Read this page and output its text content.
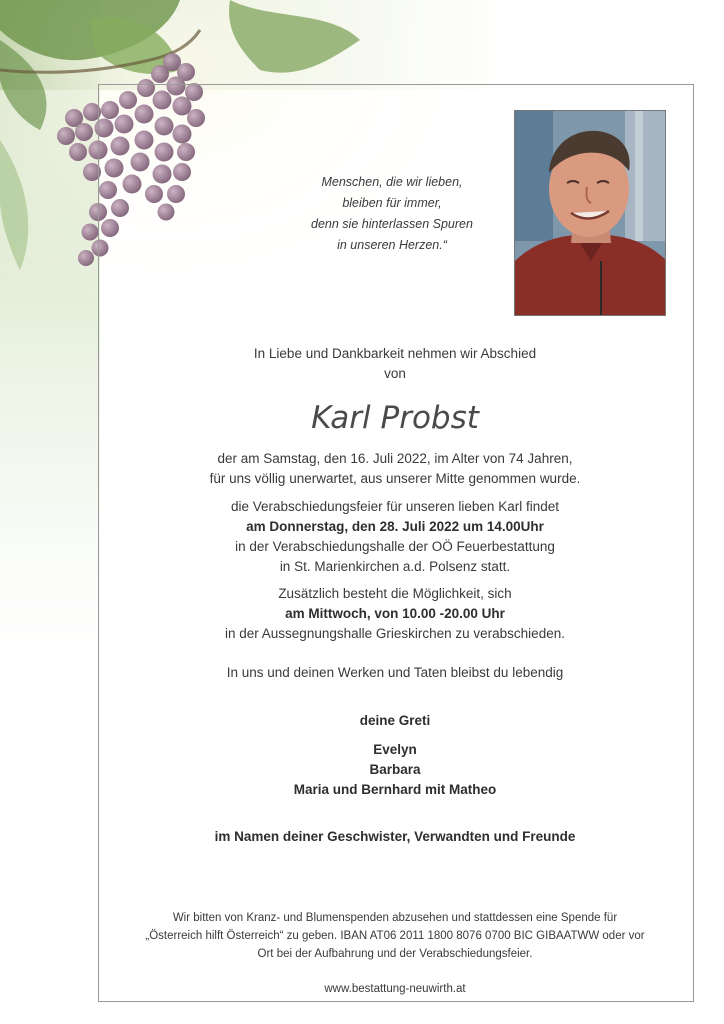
Menschen, die wir lieben,
bleiben für immer,
denn sie hinterlassen Spuren
in unseren Herzen.“

In Liebe und Dankbarkeit nehmen wir Abschied
von
Karl Probst
der am Samstag, den 16. Juli 2022, im Alter von 74 Jahren,
für uns völlig unerwartet, aus unserer Mitte genommen wurde.
die Verabschiedungsfeier für unseren lieben Karl findet
am Donnerstag, den 28. Juli 2022 um 14.00Uhr
in der Verabschiedungshalle der OÖ Feuerbestattung
in St. Marienkirchen a.d. Polsenz statt.
Zusätzlich besteht die Möglichkeit, sich
am Mittwoch, von 10.00 -20.00 Uhr
in der Aussegnungshalle Grieskirchen zu verabschieden.
In uns und deinen Werken und Taten bleibst du lebendig
deine Greti
Evelyn
Barbara
Maria und Bernhard mit Matheo
im Namen deiner Geschwister, Verwandten und Freunde
Wir bitten von Kranz- und Blumenspenden abzusehen und stattdessen eine Spende für
„Österreich hilft Österreich“ zu geben. IBAN AT06 2011 1800 8076 0700 BIC GIBAATWW oder vor
Ort bei der Aufbahrung und der Verabschiedungsfeier.
www.bestattung-neuwirth.at
